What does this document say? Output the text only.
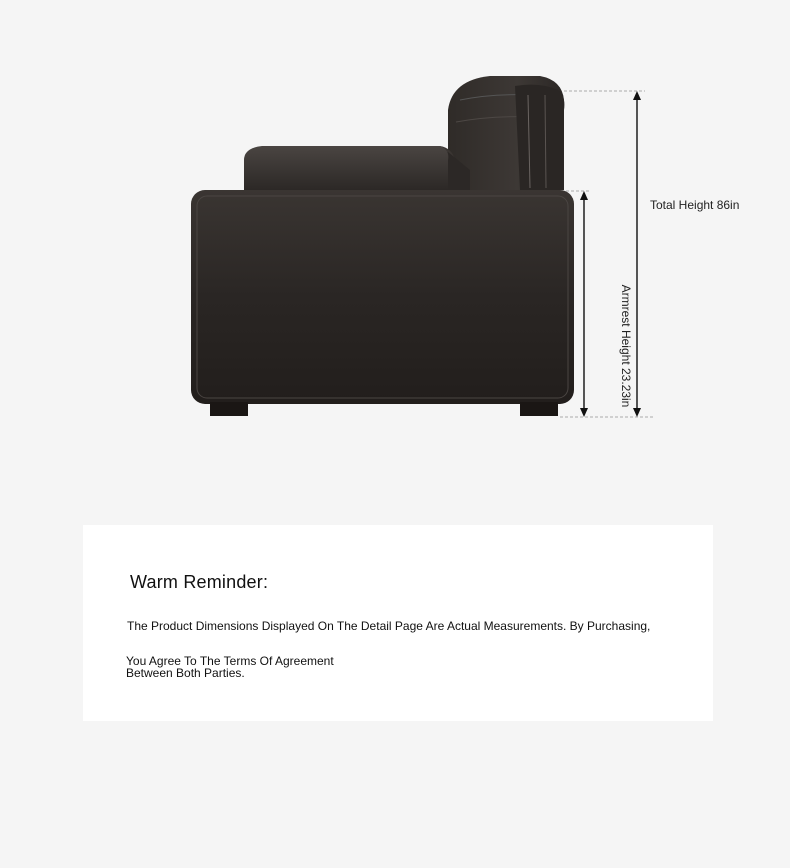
Total Height 86in
Armrest Height 23.23in
Warm Reminder:
The Product Dimensions Displayed On The Detail Page Are Actual Measurements. By Purchasing,
You Agree To The Terms Of Agreement Between Both Parties.
